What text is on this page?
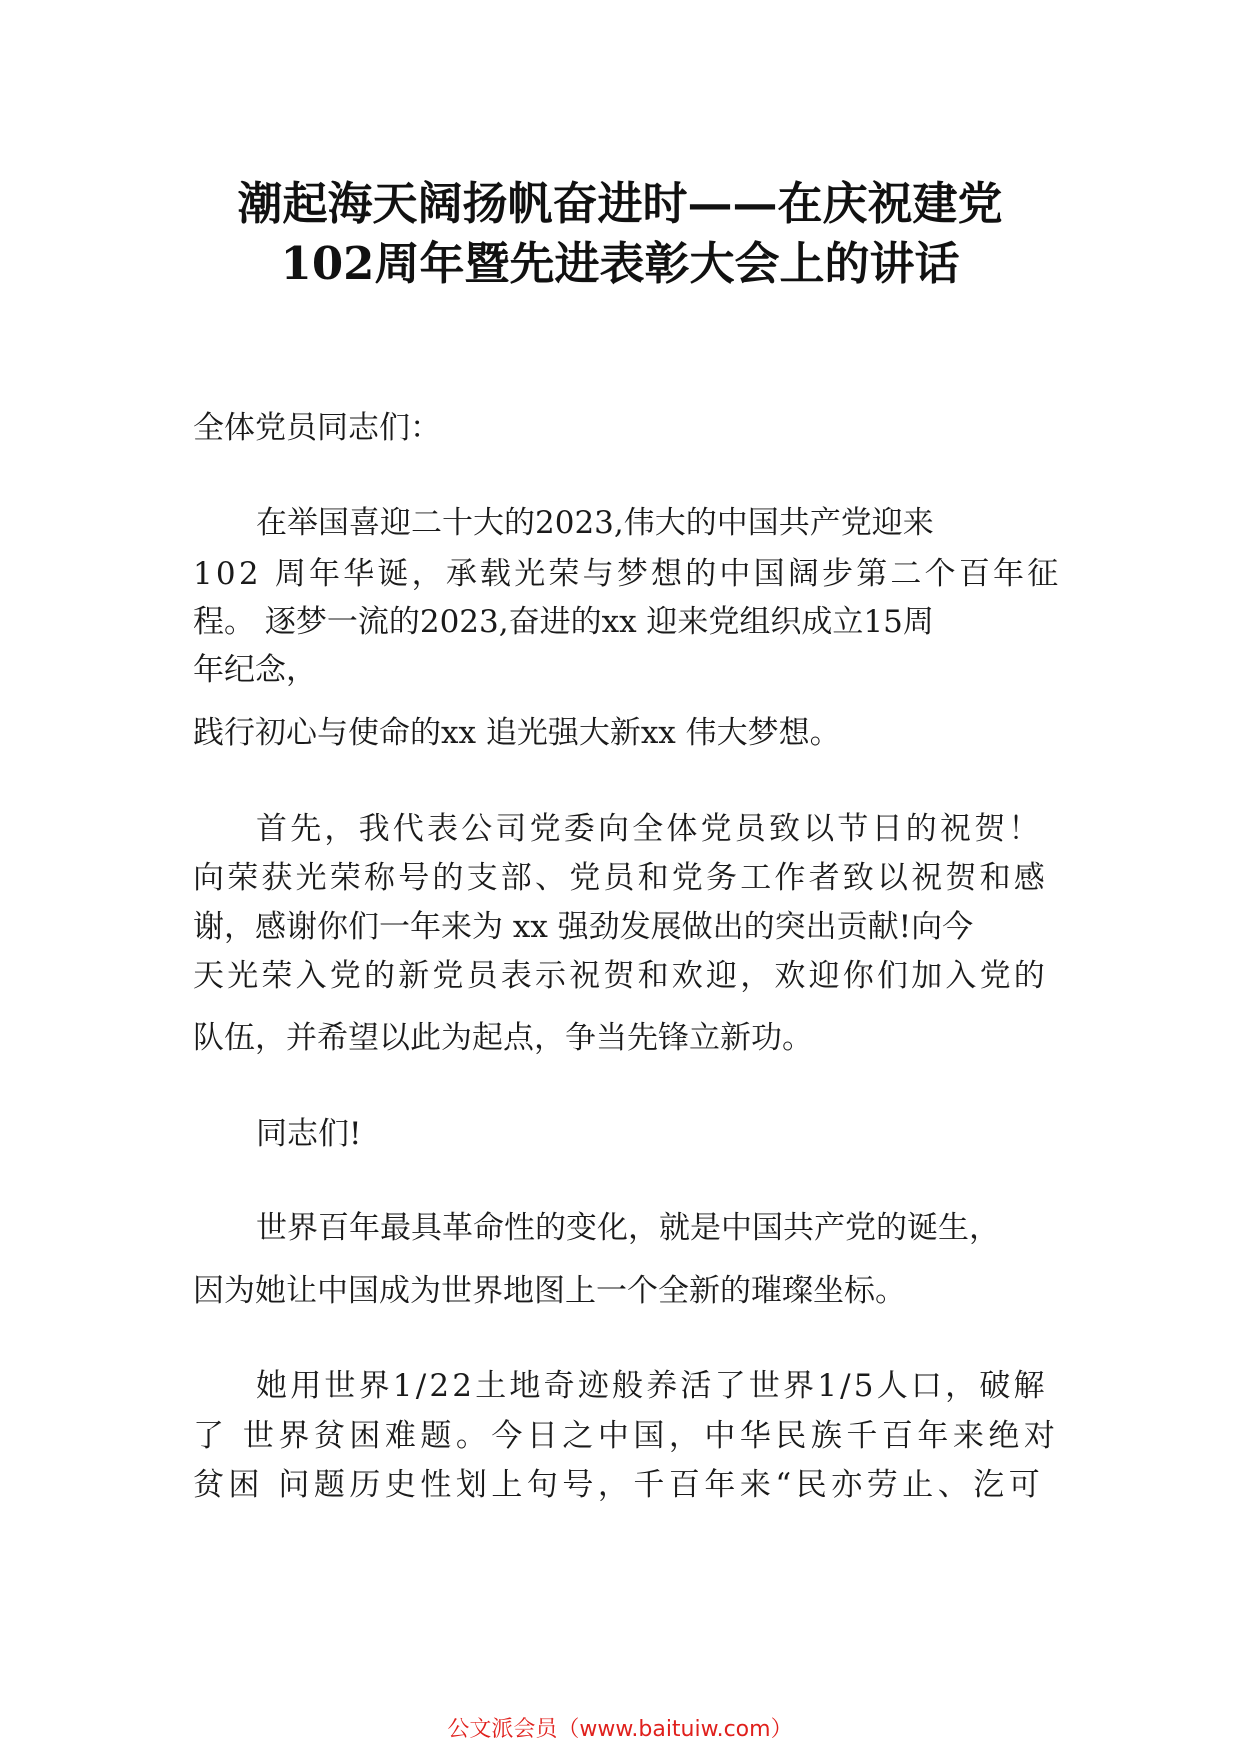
潮起海天阔扬帆奋进时——在庆祝建党
102周年暨先进表彰大会上的讲话
全体党员同志们：
在举国喜迎二十大的2023,伟大的中国共产党迎来
102 周年华诞，承载光荣与梦想的中国阔步第二个百年征
程。 逐梦一流的2023,奋进的xx 迎来党组织成立15周
年纪念，
践行初心与使命的xx 追光强大新xx 伟大梦想。
首先，我代表公司党委向全体党员致以节日的祝贺！
向荣获光荣称号的支部、党员和党务工作者致以祝贺和感
谢，感谢你们一年来为 xx 强劲发展做出的突出贡献!向今
天光荣入党的新党员表示祝贺和欢迎，欢迎你们加入党的
队伍，并希望以此为起点，争当先锋立新功。
同志们!
世界百年最具革命性的变化，就是中国共产党的诞生，
因为她让中国成为世界地图上一个全新的璀璨坐标。
她用世界1/22土地奇迹般养活了世界1/5人口，破解
了 世界贫困难题。今日之中国，中华民族千百年来绝对
贫困 问题历史性划上句号，千百年来“民亦劳止、汔可
公文派会员（www.baituiw.com）
